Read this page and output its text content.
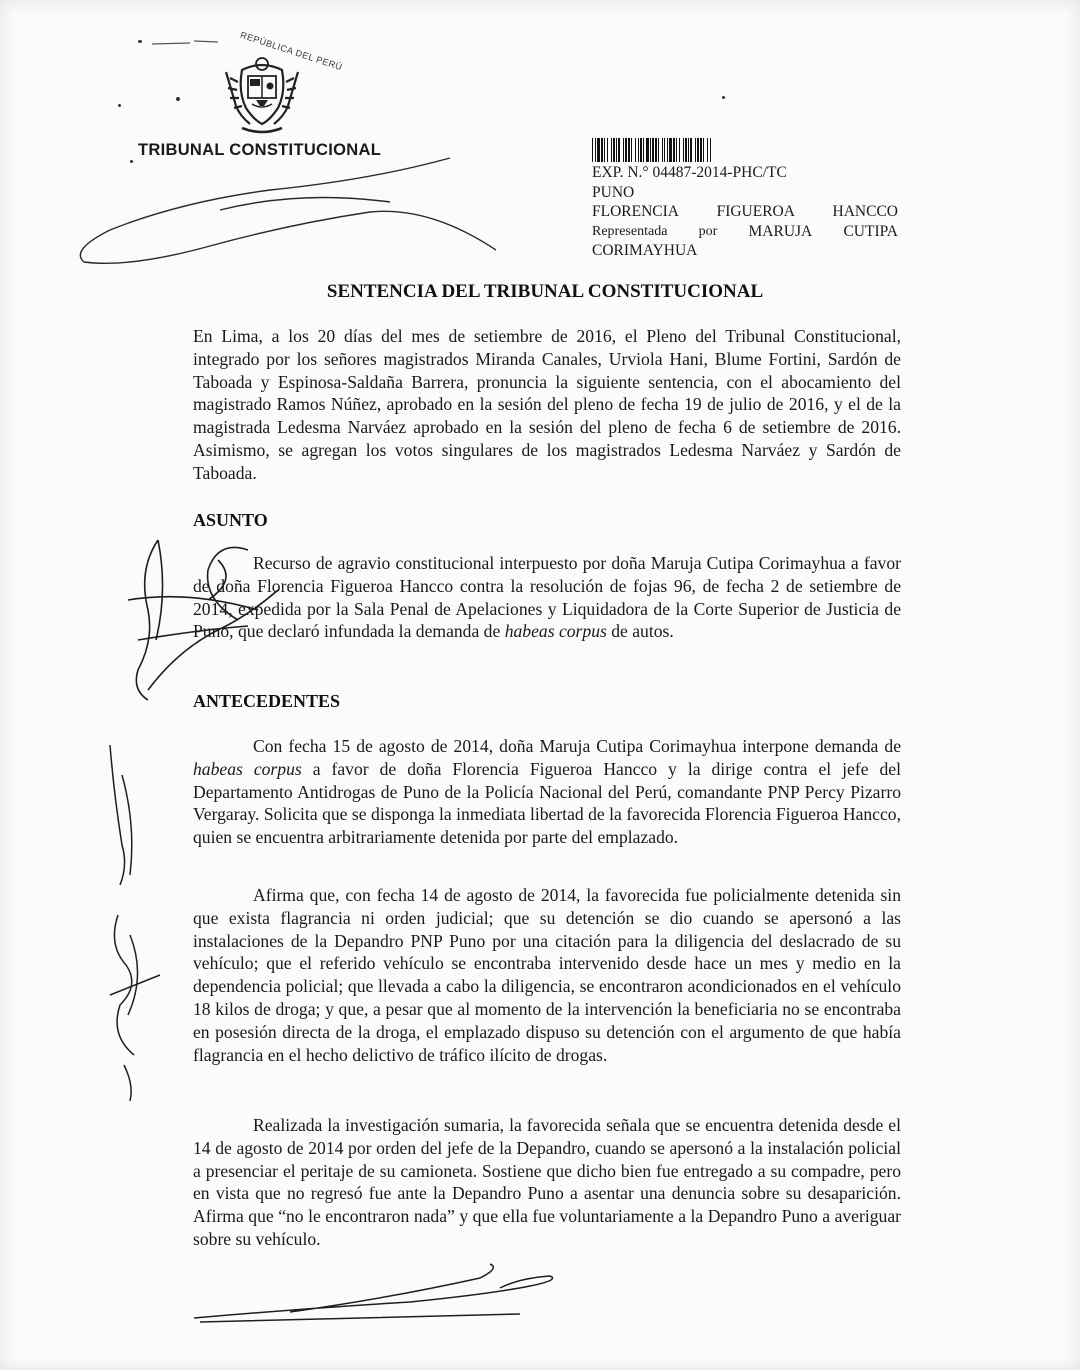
REPÚBLICA DEL PERÚ
TRIBUNAL CONSTITUCIONAL
EXP. N.° 04487-2014-PHC/TC
PUNO
FLORENCIA FIGUEROA HANCCO
Representada por MARUJA CUTIPA
CORIMAYHUA
SENTENCIA DEL TRIBUNAL CONSTITUCIONAL

En Lima, a los 20 días del mes de setiembre de 2016, el Pleno del Tribunal Constitucional, integrado por los señores magistrados Miranda Canales, Urviola Hani, Blume Fortini, Sardón de Taboada y Espinosa-Saldaña Barrera, pronuncia la siguiente sentencia, con el abocamiento del magistrado Ramos Núñez, aprobado en la sesión del pleno de fecha 19 de julio de 2016, y el de la magistrada Ledesma Narváez aprobado en la sesión del pleno de fecha 6 de setiembre de 2016. Asimismo, se agregan los votos singulares de los magistrados Ledesma Narváez y Sardón de Taboada.

ASUNTO

Recurso de agravio constitucional interpuesto por doña Maruja Cutipa Corimayhua a favor de doña Florencia Figueroa Hancco contra la resolución de fojas 96, de fecha 2 de setiembre de 2014, expedida por la Sala Penal de Apelaciones y Liquidadora de la Corte Superior de Justicia de Puno, que declaró infundada la demanda de habeas corpus de autos.

ANTECEDENTES

Con fecha 15 de agosto de 2014, doña Maruja Cutipa Corimayhua interpone demanda de habeas corpus a favor de doña Florencia Figueroa Hancco y la dirige contra el jefe del Departamento Antidrogas de Puno de la Policía Nacional del Perú, comandante PNP Percy Pizarro Vergaray. Solicita que se disponga la inmediata libertad de la favorecida Florencia Figueroa Hancco, quien se encuentra arbitrariamente detenida por parte del emplazado.

Afirma que, con fecha 14 de agosto de 2014, la favorecida fue policialmente detenida sin que exista flagrancia ni orden judicial; que su detención se dio cuando se apersonó a las instalaciones de la Depandro PNP Puno por una citación para la diligencia del deslacrado de su vehículo; que el referido vehículo se encontraba intervenido desde hace un mes y medio en la dependencia policial; que llevada a cabo la diligencia, se encontraron acondicionados en el vehículo 18 kilos de droga; y que, a pesar que al momento de la intervención la beneficiaria no se encontraba en posesión directa de la droga, el emplazado dispuso su detención con el argumento de que había flagrancia en el hecho delictivo de tráfico ilícito de drogas.

Realizada la investigación sumaria, la favorecida señala que se encuentra detenida desde el 14 de agosto de 2014 por orden del jefe de la Depandro, cuando se apersonó a la instalación policial a presenciar el peritaje de su camioneta. Sostiene que dicho bien fue entregado a su compadre, pero en vista que no regresó fue ante la Depandro Puno a asentar una denuncia sobre su desaparición. Afirma que “no le encontraron nada” y que ella fue voluntariamente a la Depandro Puno a averiguar sobre su vehículo.
